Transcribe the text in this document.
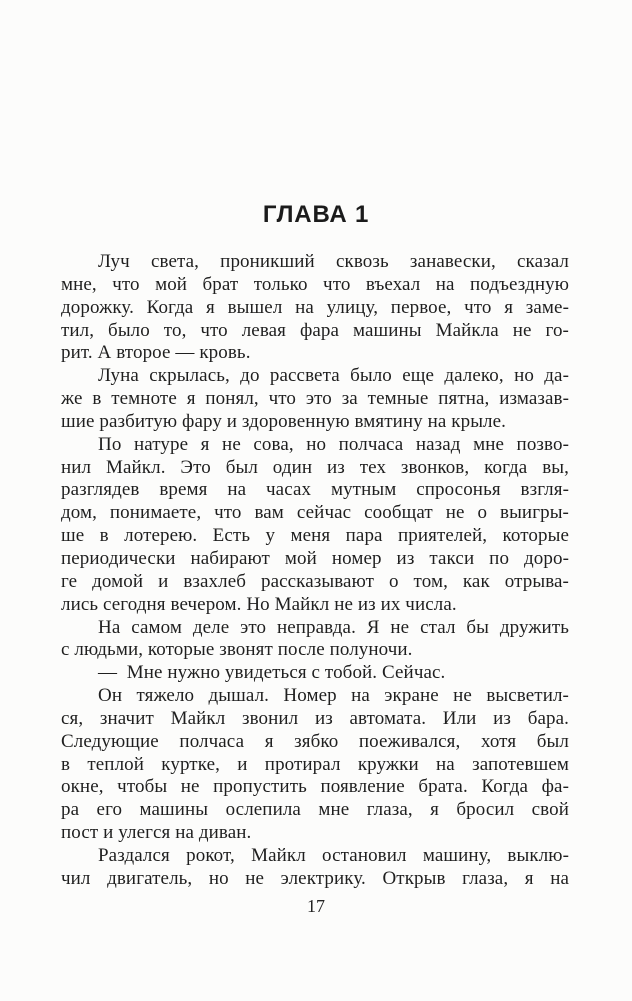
ГЛАВА 1
Луч света, проникший сквозь занавески, сказал
мне, что мой брат только что въехал на подъездную
дорожку. Когда я вышел на улицу, первое, что я заме-
тил, было то, что левая фара машины Майкла не го-
рит. А второе — кровь.
Луна скрылась, до рассвета было еще далеко, но да-
же в темноте я понял, что это за темные пятна, измазав-
шие разбитую фару и здоровенную вмятину на крыле.
По натуре я не сова, но полчаса назад мне позво-
нил Майкл. Это был один из тех звонков, когда вы,
разглядев время на часах мутным спросонья взгля-
дом, понимаете, что вам сейчас сообщат не о выигры-
ше в лотерею. Есть у меня пара приятелей, которые
периодически набирают мой номер из такси по доро-
ге домой и взахлеб рассказывают о том, как отрыва-
лись сегодня вечером. Но Майкл не из их числа.
На самом деле это неправда. Я не стал бы дружить
с людьми, которые звонят после полуночи.
— Мне нужно увидеться с тобой. Сейчас.
Он тяжело дышал. Номер на экране не высветил-
ся, значит Майкл звонил из автомата. Или из бара.
Следующие полчаса я зябко поеживался, хотя был
в теплой куртке, и протирал кружки на запотевшем
окне, чтобы не пропустить появление брата. Когда фа-
ра его машины ослепила мне глаза, я бросил свой
пост и улегся на диван.
Раздался рокот, Майкл остановил машину, выклю-
чил двигатель, но не электрику. Открыв глаза, я на
17
